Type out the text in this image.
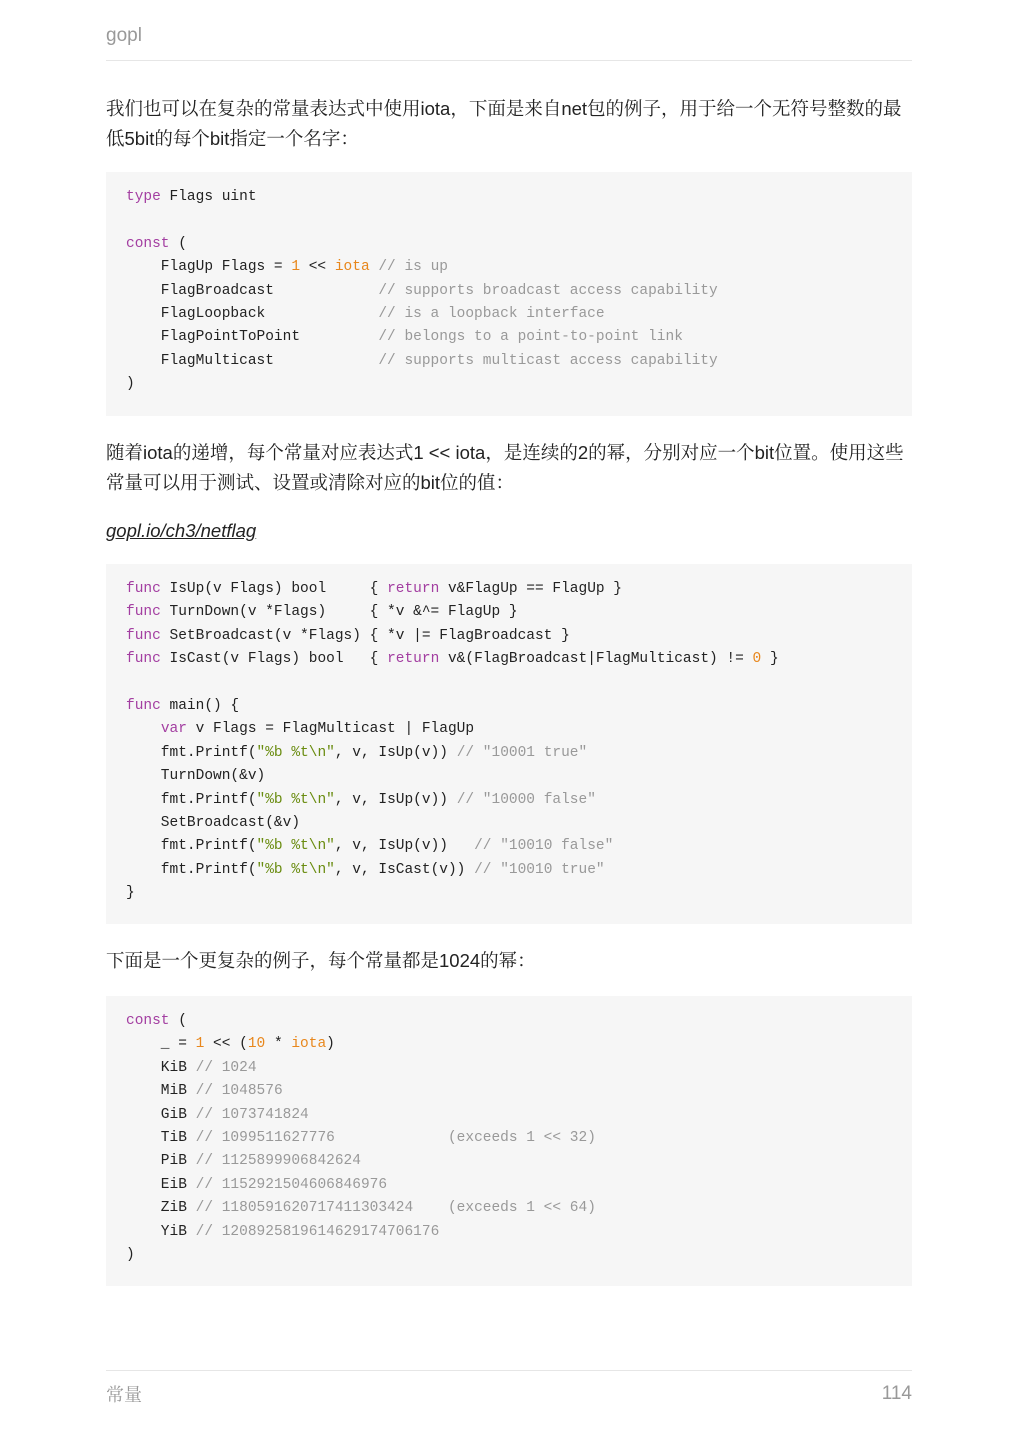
gopl

我们也可以在复杂的常量表达式中使用iota，下面是来自net包的例子，用于给一个无符号整数的最低5bit的每个bit指定一个名字：

type Flags uint

const (
FlagUp Flags = 1 << iota // is up
FlagBroadcast            // supports broadcast access capability
FlagLoopback             // is a loopback interface
FlagPointToPoint         // belongs to a point-to-point link
FlagMulticast            // supports multicast access capability
)

随着iota的递增，每个常量对应表达式1 << iota，是连续的2的幂，分别对应一个bit位置。使用这些常量可以用于测试、设置或清除对应的bit位的值：

gopl.io/ch3/netflag
func IsUp(v Flags) bool     { return v&FlagUp == FlagUp }
func TurnDown(v *Flags)     { *v &^= FlagUp }
func SetBroadcast(v *Flags) { *v |= FlagBroadcast }
func IsCast(v Flags) bool   { return v&(FlagBroadcast|FlagMulticast) != 0 }

func main() {
var v Flags = FlagMulticast | FlagUp
fmt.Printf("%b %t\n", v, IsUp(v)) // "10001 true"
TurnDown(&v)
fmt.Printf("%b %t\n", v, IsUp(v)) // "10000 false"
SetBroadcast(&v)
fmt.Printf("%b %t\n", v, IsUp(v))   // "10010 false"
fmt.Printf("%b %t\n", v, IsCast(v)) // "10010 true"
}

下面是一个更复杂的例子，每个常量都是1024的幂：

const (
_ = 1 << (10 * iota)
KiB // 1024
MiB // 1048576
GiB // 1073741824
TiB // 1099511627776             (exceeds 1 << 32)
PiB // 1125899906842624
EiB // 1152921504606846976
ZiB // 1180591620717411303424    (exceeds 1 << 64)
YiB // 1208925819614629174706176
)
常量	114
